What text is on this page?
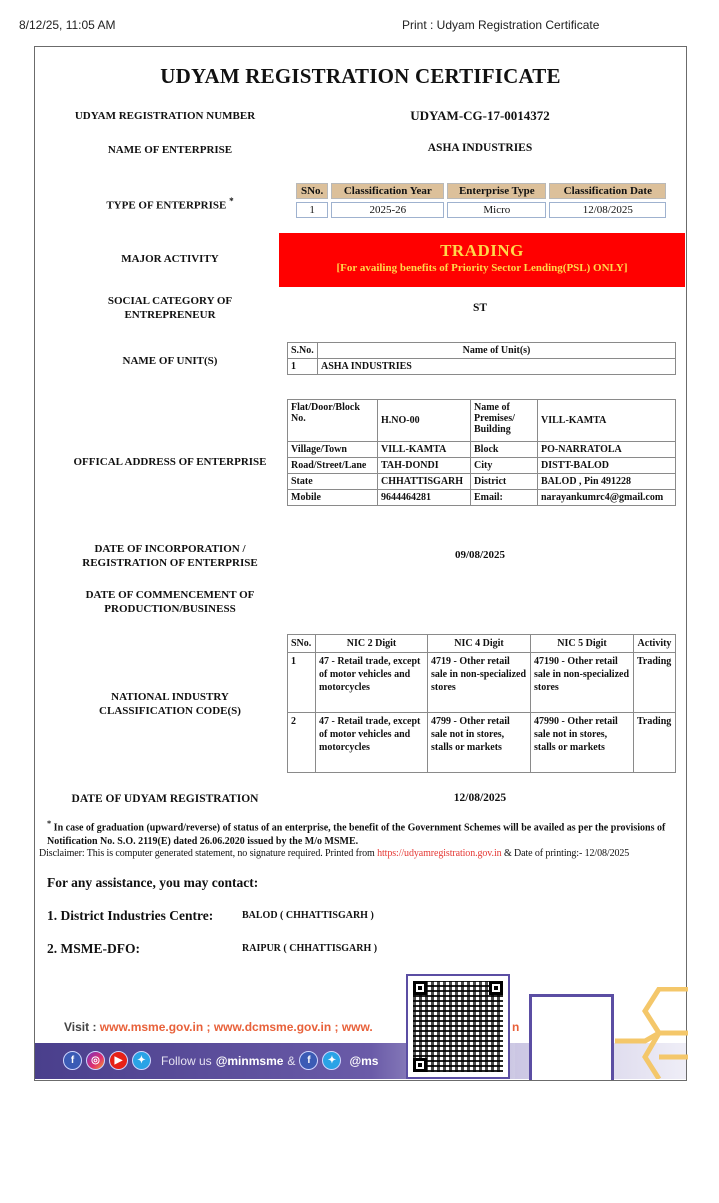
8/12/25, 11:05 AM	Print : Udyam Registration Certificate
UDYAM REGISTRATION CERTIFICATE
UDYAM REGISTRATION NUMBER	UDYAM-CG-17-0014372
NAME OF ENTERPRISE	ASHA INDUSTRIES
TYPE OF ENTERPRISE *
SNo.	Classification Year	Enterprise Type	Classification Date
1	2025-26	Micro	12/08/2025
MAJOR ACTIVITY	TRADING
[For availing benefits of Priority Sector Lending(PSL) ONLY]
SOCIAL CATEGORY OF
ENTREPRENEUR
ST
NAME OF UNIT(S)
S.No.	Name of Unit(s)
1	ASHA INDUSTRIES
OFFICAL ADDRESS OF ENTERPRISE
Flat/Door/Block No.	H.NO-00	Name of Premises/ Building	VILL-KAMTA
Village/Town	VILL-KAMTA	Block	PO-NARRATOLA
Road/Street/Lane	TAH-DONDI	City	DISTT-BALOD
State	CHHATTISGARH	District	BALOD , Pin 491228
Mobile	9644464281	Email:	narayankumrc4@gmail.com
DATE OF INCORPORATION /
REGISTRATION OF ENTERPRISE
09/08/2025
DATE OF COMMENCEMENT OF
PRODUCTION/BUSINESS
NATIONAL INDUSTRY
CLASSIFICATION CODE(S)
SNo.	NIC 2 Digit	NIC 4 Digit	NIC 5 Digit	Activity
1	47 - Retail trade, except of motor vehicles and motorcycles	4719 - Other retail sale in non-specialized stores	47190 - Other retail sale in non-specialized stores	Trading
2	47 - Retail trade, except of motor vehicles and motorcycles	4799 - Other retail sale not in stores, stalls or markets	47990 - Other retail sale not in stores, stalls or markets	Trading
DATE OF UDYAM REGISTRATION	12/08/2025
* In case of graduation (upward/reverse) of status of an enterprise, the benefit of the Government Schemes will be availed as per the provisions of Notification No. S.O. 2119(E) dated 26.06.2020 issued by the M/o MSME.
Disclaimer: This is computer generated statement, no signature required. Printed from https://udyamregistration.gov.in & Date of printing:- 12/08/2025
For any assistance, you may contact:
1. District Industries Centre:	BALOD ( CHHATTISGARH )
2. MSME-DFO:	RAIPUR ( CHHATTISGARH )
Visit : www.msme.gov.in ; www.dcmsme.gov.in ; www.	n
f	◎	▶	✦	Follow us @minmsme &	f	✦	@ms
